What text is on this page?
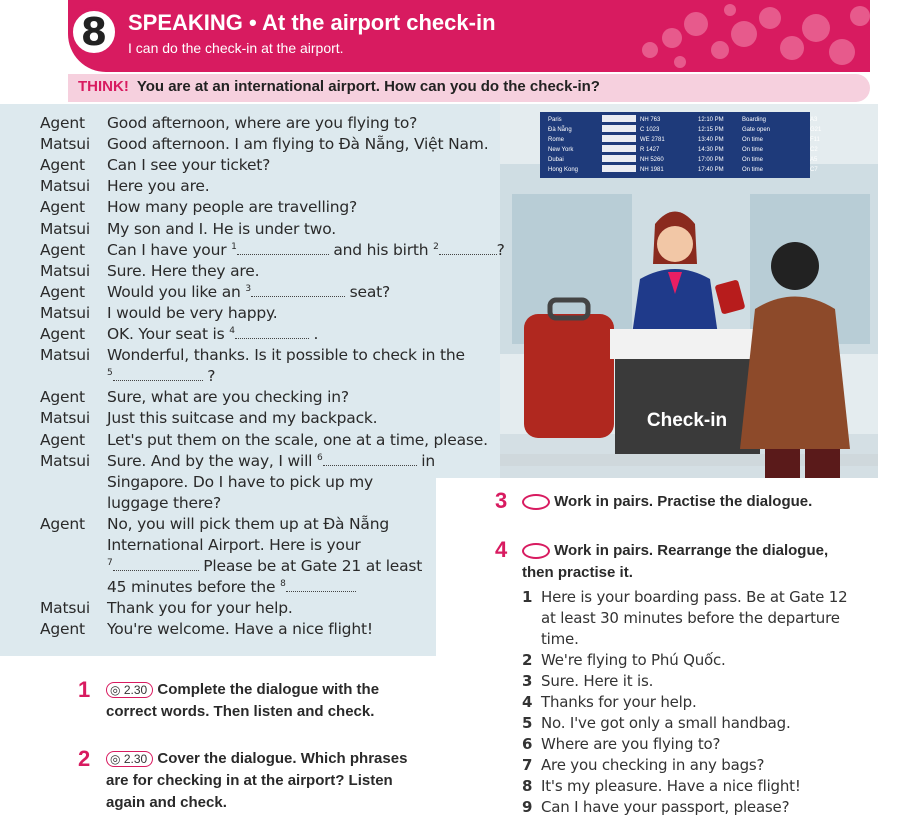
8 SPEAKING • At the airport check-in
I can do the check-in at the airport.
THINK! You are at an international airport. How can you do the check-in?
Paris	NH 763	12:10 PM	Boarding	A3
Đà Nẵng	C 1023	12:15 PM	Gate open	G21
Rome	WE 2781	13:40 PM	On time	F11
New York	R 1427	14:30 PM	On time	C2
Dubai	NH 5260	17:00 PM	On time	A5
Hong Kong	NH 1981	17:40 PM	On time	C7
Check-in
Agent	Good afternoon, where are you flying to?
Matsui	Good afternoon. I am flying to Đà Nẵng, Việt Nam.
Agent	Can I see your ticket?
Matsui	Here you are.
Agent	How many people are travelling?
Matsui	My son and I. He is under two.
Agent	Can I have your $^1$	and his birth $^2$	?
Matsui	Sure. Here they are.
Agent	Would you like an $^3$	seat?
Matsui	I would be very happy.
Agent	OK. Your seat is $^4$	.
Matsui	Wonderful, thanks. Is it possible to check in the
$^5$	?
Agent	Sure, what are you checking in?
Matsui	Just this suitcase and my backpack.
Agent	Let's put them on the scale, one at a time, please.
Matsui	Sure. And by the way, I will $^6$	in
Singapore. Do I have to pick up my
luggage there?
Agent	No, you will pick them up at Đà Nẵng
International Airport. Here is your
$^7$	Please be at Gate 21 at least
45 minutes before the $^8$
Matsui	Thank you for your help.
Agent	You're welcome. Have a nice flight!
1	◎ 2.30 Complete the dialogue with the
correct words. Then listen and check.
2	◎ 2.30 Cover the dialogue. Which phrases
are for checking in at the airport? Listen
again and check.
3	Work in pairs. Practise the dialogue.
4	Work in pairs. Rearrange the dialogue,
then practise it.
1 Here is your boarding pass. Be at Gate 12
at least 30 minutes before the departure
time.
2 We're flying to Phú Quốc.
3 Sure. Here it is.
4 Thanks for your help.
5 No. I've got only a small handbag.
6 Where are you flying to?
7 Are you checking in any bags?
8 It's my pleasure. Have a nice flight!
9 Can I have your passport, please?
